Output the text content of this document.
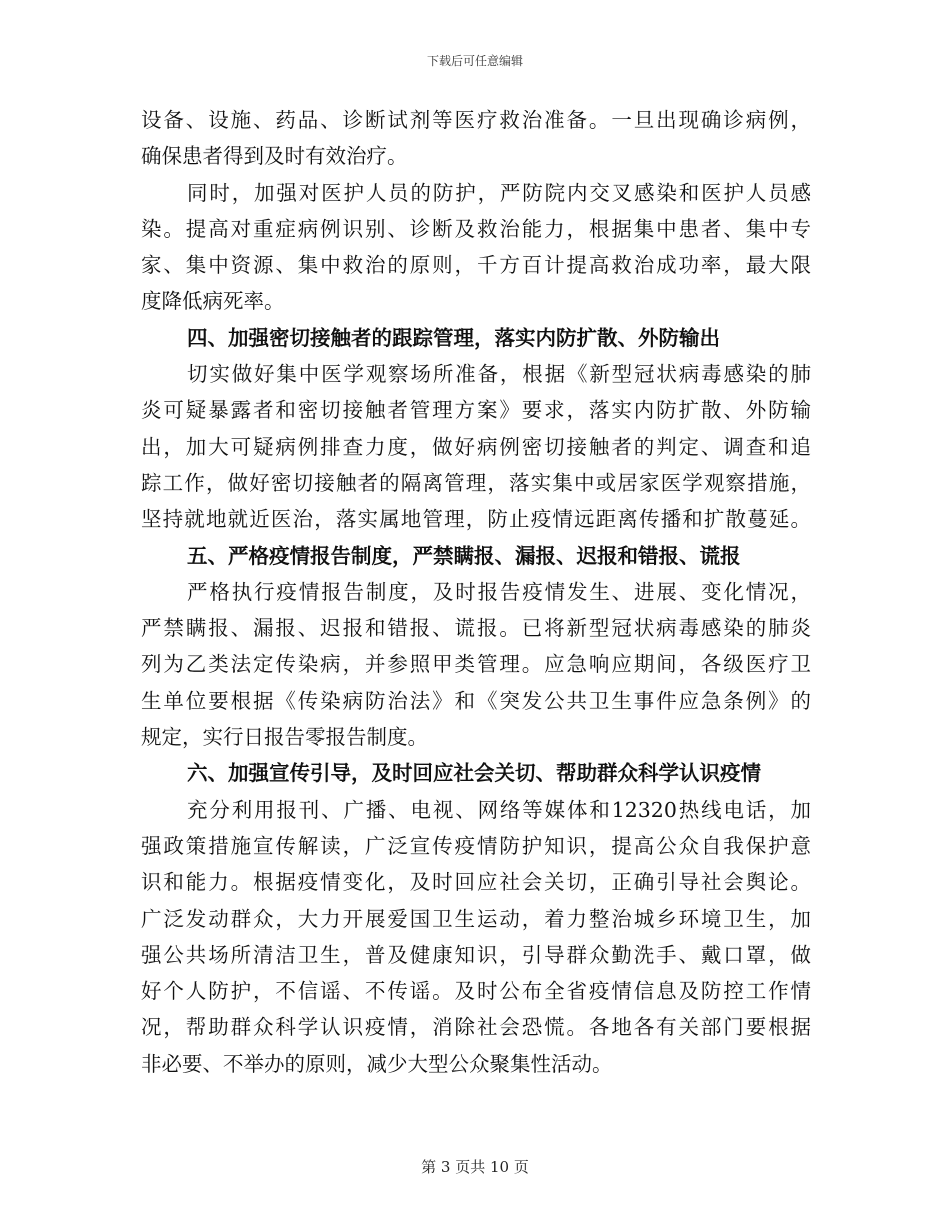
下载后可任意编辑
设备、设施、药品、诊断试剂等医疗救治准备。一旦出现确诊病例，
确保患者得到及时有效治疗。
同时，加强对医护人员的防护，严防院内交叉感染和医护人员感
染。提高对重症病例识别、诊断及救治能力，根据集中患者、集中专
家、集中资源、集中救治的原则，千方百计提高救治成功率，最大限
度降低病死率。
四、加强密切接触者的跟踪管理，落实内防扩散、外防输出
切实做好集中医学观察场所准备，根据《新型冠状病毒感染的肺
炎可疑暴露者和密切接触者管理方案》要求，落实内防扩散、外防输
出，加大可疑病例排查力度，做好病例密切接触者的判定、调查和追
踪工作，做好密切接触者的隔离管理，落实集中或居家医学观察措施，
坚持就地就近医治，落实属地管理，防止疫情远距离传播和扩散蔓延。
五、严格疫情报告制度，严禁瞒报、漏报、迟报和错报、谎报
严格执行疫情报告制度，及时报告疫情发生、进展、变化情况，
严禁瞒报、漏报、迟报和错报、谎报。已将新型冠状病毒感染的肺炎
列为乙类法定传染病，并参照甲类管理。应急响应期间，各级医疗卫
生单位要根据《传染病防治法》和《突发公共卫生事件应急条例》的
规定，实行日报告零报告制度。
六、加强宣传引导，及时回应社会关切、帮助群众科学认识疫情
充分利用报刊、广播、电视、网络等媒体和12320热线电话，加
强政策措施宣传解读，广泛宣传疫情防护知识，提高公众自我保护意
识和能力。根据疫情变化，及时回应社会关切，正确引导社会舆论。
广泛发动群众，大力开展爱国卫生运动，着力整治城乡环境卫生，加
强公共场所清洁卫生，普及健康知识，引导群众勤洗手、戴口罩，做
好个人防护，不信谣、不传谣。及时公布全省疫情信息及防控工作情
况，帮助群众科学认识疫情，消除社会恐慌。各地各有关部门要根据
非必要、不举办的原则，减少大型公众聚集性活动。
第 3 页共 10 页
